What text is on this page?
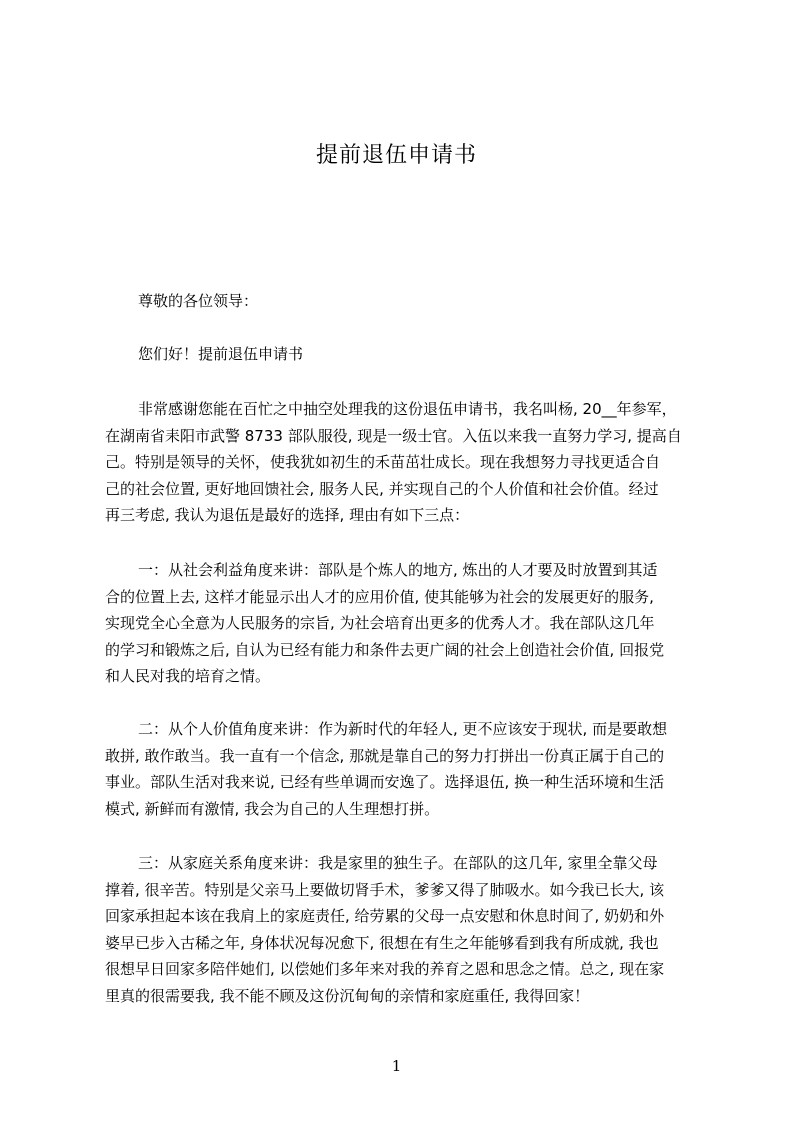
提前退伍申请书
尊敬的各位领导：
您们好！提前退伍申请书
非常感谢您能在百忙之中抽空处理我的这份退伍申请书，我名叫杨, 20__年参军，
在湖南省耒阳市武警 8733 部队服役, 现是一级士官。入伍以来我一直努力学习, 提高自
己。特别是领导的关怀，使我犹如初生的禾苗茁壮成长。现在我想努力寻找更适合自
己的社会位置, 更好地回馈社会, 服务人民, 并实现自己的个人价值和社会价值。经过
再三考虑, 我认为退伍是最好的选择, 理由有如下三点：
一：从社会利益角度来讲：部队是个炼人的地方, 炼出的人才要及时放置到其适
合的位置上去, 这样才能显示出人才的应用价值, 使其能够为社会的发展更好的服务,
实现党全心全意为人民服务的宗旨, 为社会培育出更多的优秀人才。我在部队这几年
的学习和锻炼之后, 自认为已经有能力和条件去更广阔的社会上创造社会价值, 回报党
和人民对我的培育之情。
二：从个人价值角度来讲：作为新时代的年轻人, 更不应该安于现状, 而是要敢想
敢拼, 敢作敢当。我一直有一个信念, 那就是靠自己的努力打拼出一份真正属于自己的
事业。部队生活对我来说, 已经有些单调而安逸了。选择退伍, 换一种生活环境和生活
模式, 新鲜而有激情, 我会为自己的人生理想打拼。
三：从家庭关系角度来讲：我是家里的独生子。在部队的这几年, 家里全靠父母
撑着, 很辛苦。特别是父亲马上要做切肾手术，爹爹又得了肺吸水。如今我已长大, 该
回家承担起本该在我肩上的家庭责任, 给劳累的父母一点安慰和休息时间了, 奶奶和外
婆早已步入古稀之年, 身体状况每况愈下, 很想在有生之年能够看到我有所成就, 我也
很想早日回家多陪伴她们, 以偿她们多年来对我的养育之恩和思念之情。总之, 现在家
里真的很需要我, 我不能不顾及这份沉甸甸的亲情和家庭重任, 我得回家！
1
